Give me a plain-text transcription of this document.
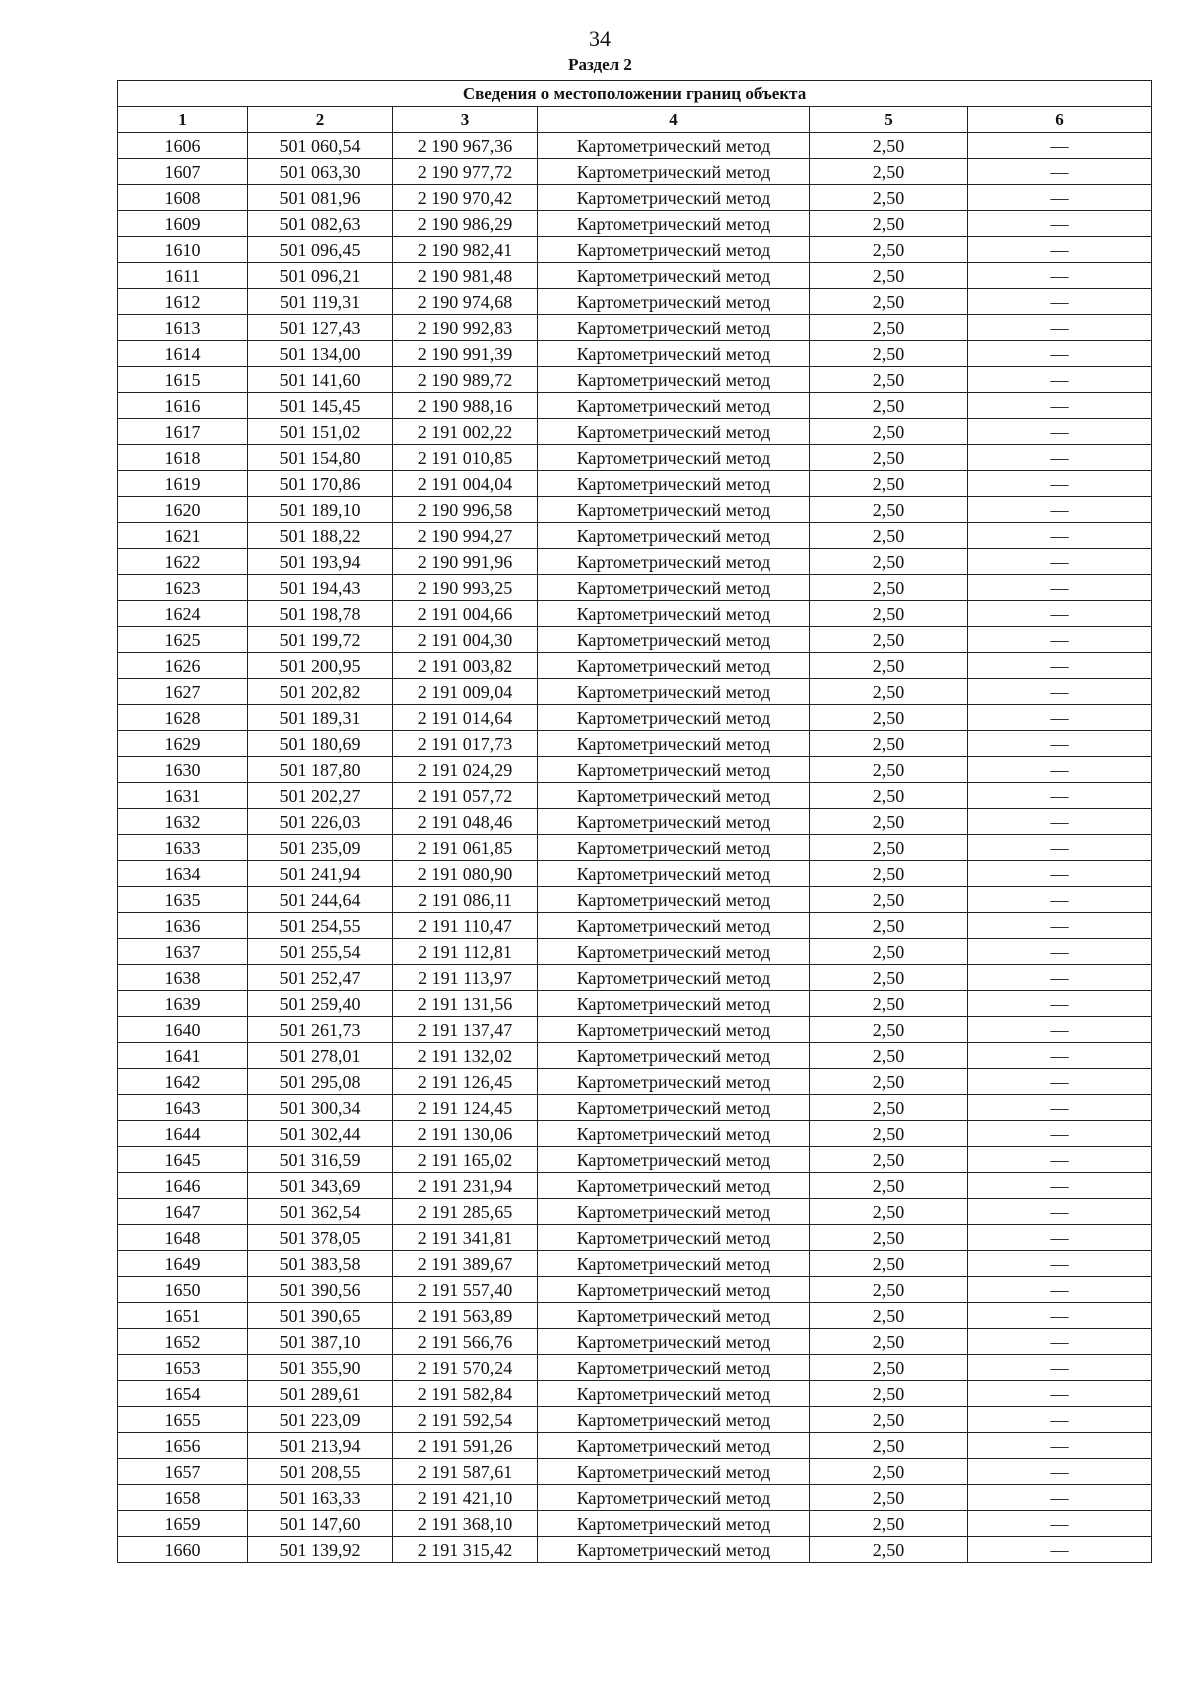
34
Раздел 2
Сведения о местоположении границ объекта					
1	2	3	4	5	6
1606	501 060,54	2 190 967,36	Картометрический метод	2,50	—
1607	501 063,30	2 190 977,72	Картометрический метод	2,50	—
1608	501 081,96	2 190 970,42	Картометрический метод	2,50	—
1609	501 082,63	2 190 986,29	Картометрический метод	2,50	—
1610	501 096,45	2 190 982,41	Картометрический метод	2,50	—
1611	501 096,21	2 190 981,48	Картометрический метод	2,50	—
1612	501 119,31	2 190 974,68	Картометрический метод	2,50	—
1613	501 127,43	2 190 992,83	Картометрический метод	2,50	—
1614	501 134,00	2 190 991,39	Картометрический метод	2,50	—
1615	501 141,60	2 190 989,72	Картометрический метод	2,50	—
1616	501 145,45	2 190 988,16	Картометрический метод	2,50	—
1617	501 151,02	2 191 002,22	Картометрический метод	2,50	—
1618	501 154,80	2 191 010,85	Картометрический метод	2,50	—
1619	501 170,86	2 191 004,04	Картометрический метод	2,50	—
1620	501 189,10	2 190 996,58	Картометрический метод	2,50	—
1621	501 188,22	2 190 994,27	Картометрический метод	2,50	—
1622	501 193,94	2 190 991,96	Картометрический метод	2,50	—
1623	501 194,43	2 190 993,25	Картометрический метод	2,50	—
1624	501 198,78	2 191 004,66	Картометрический метод	2,50	—
1625	501 199,72	2 191 004,30	Картометрический метод	2,50	—
1626	501 200,95	2 191 003,82	Картометрический метод	2,50	—
1627	501 202,82	2 191 009,04	Картометрический метод	2,50	—
1628	501 189,31	2 191 014,64	Картометрический метод	2,50	—
1629	501 180,69	2 191 017,73	Картометрический метод	2,50	—
1630	501 187,80	2 191 024,29	Картометрический метод	2,50	—
1631	501 202,27	2 191 057,72	Картометрический метод	2,50	—
1632	501 226,03	2 191 048,46	Картометрический метод	2,50	—
1633	501 235,09	2 191 061,85	Картометрический метод	2,50	—
1634	501 241,94	2 191 080,90	Картометрический метод	2,50	—
1635	501 244,64	2 191 086,11	Картометрический метод	2,50	—
1636	501 254,55	2 191 110,47	Картометрический метод	2,50	—
1637	501 255,54	2 191 112,81	Картометрический метод	2,50	—
1638	501 252,47	2 191 113,97	Картометрический метод	2,50	—
1639	501 259,40	2 191 131,56	Картометрический метод	2,50	—
1640	501 261,73	2 191 137,47	Картометрический метод	2,50	—
1641	501 278,01	2 191 132,02	Картометрический метод	2,50	—
1642	501 295,08	2 191 126,45	Картометрический метод	2,50	—
1643	501 300,34	2 191 124,45	Картометрический метод	2,50	—
1644	501 302,44	2 191 130,06	Картометрический метод	2,50	—
1645	501 316,59	2 191 165,02	Картометрический метод	2,50	—
1646	501 343,69	2 191 231,94	Картометрический метод	2,50	—
1647	501 362,54	2 191 285,65	Картометрический метод	2,50	—
1648	501 378,05	2 191 341,81	Картометрический метод	2,50	—
1649	501 383,58	2 191 389,67	Картометрический метод	2,50	—
1650	501 390,56	2 191 557,40	Картометрический метод	2,50	—
1651	501 390,65	2 191 563,89	Картометрический метод	2,50	—
1652	501 387,10	2 191 566,76	Картометрический метод	2,50	—
1653	501 355,90	2 191 570,24	Картометрический метод	2,50	—
1654	501 289,61	2 191 582,84	Картометрический метод	2,50	—
1655	501 223,09	2 191 592,54	Картометрический метод	2,50	—
1656	501 213,94	2 191 591,26	Картометрический метод	2,50	—
1657	501 208,55	2 191 587,61	Картометрический метод	2,50	—
1658	501 163,33	2 191 421,10	Картометрический метод	2,50	—
1659	501 147,60	2 191 368,10	Картометрический метод	2,50	—
1660	501 139,92	2 191 315,42	Картометрический метод	2,50	—
